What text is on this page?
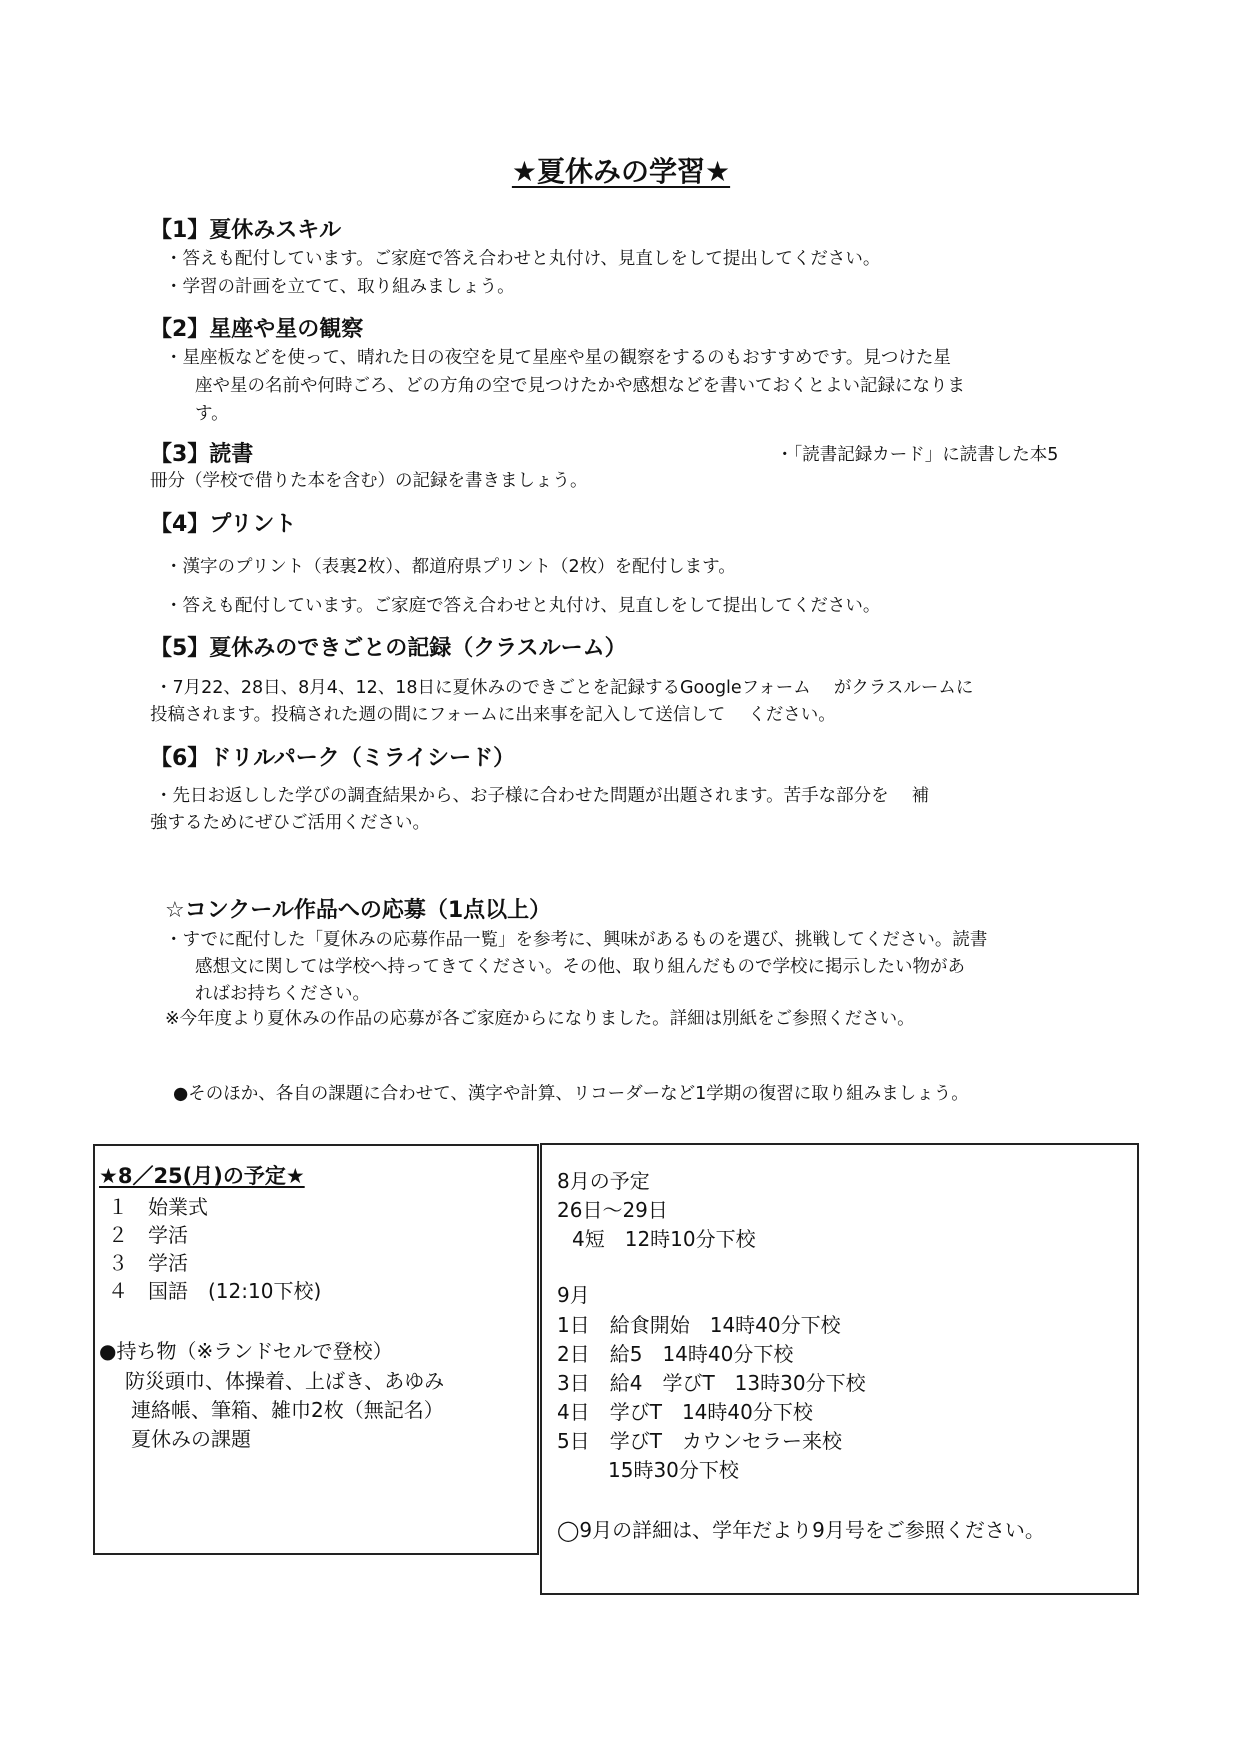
★夏休みの学習★
【1】夏休みスキル
・答えも配付しています。ご家庭で答え合わせと丸付け、見直しをして提出してください。
・学習の計画を立てて、取り組みましょう。
【2】星座や星の観察
・星座板などを使って、晴れた日の夜空を見て星座や星の観察をするのもおすすめです。見つけた星
座や星の名前や何時ごろ、どの方角の空で見つけたかや感想などを書いておくとよい記録になりま
す。
【3】読書	・「読書記録カード」に読書した本5
冊分（学校で借りた本を含む）の記録を書きましょう。
【4】プリント
・漢字のプリント（表裏2枚）、都道府県プリント（2枚）を配付します。
・答えも配付しています。ご家庭で答え合わせと丸付け、見直しをして提出してください。
【5】夏休みのできごとの記録（クラスルーム）
・7月22、28日、8月4、12、18日に夏休みのできごとを記録するGoogleフォーム　 がクラスルームに
投稿されます。投稿された週の間にフォームに出来事を記入して送信して　 ください。
【6】ドリルパーク（ミライシード）
・先日お返しした学びの調査結果から、お子様に合わせた問題が出題されます。苦手な部分を　 補
強するためにぜひご活用ください。
☆コンクール作品への応募（1点以上）
・すでに配付した「夏休みの応募作品一覧」を参考に、興味があるものを選び、挑戦してください。読書
感想文に関しては学校へ持ってきてください。その他、取り組んだもので学校に掲示したい物があ
ればお持ちください。
※今年度より夏休みの作品の応募が各ご家庭からになりました。詳細は別紙をご参照ください。
●そのほか、各自の課題に合わせて、漢字や計算、リコーダーなど1学期の復習に取り組みましょう。
★8／25(月)の予定★
１　始業式
２　学活
３　学活
４　国語　(12:10下校)
●持ち物（※ランドセルで登校）
防災頭巾、体操着、上ばき、あゆみ
連絡帳、筆箱、雑巾2枚（無記名）
夏休みの課題
8月の予定
26日～29日
4短　12時10分下校
9月
1日　給食開始　14時40分下校
2日　給5　14時40分下校
3日　給4　学びT　13時30分下校
4日　学びT　14時40分下校
5日　学びT　カウンセラー来校
15時30分下校
◯9月の詳細は、学年だより9月号をご参照ください。
